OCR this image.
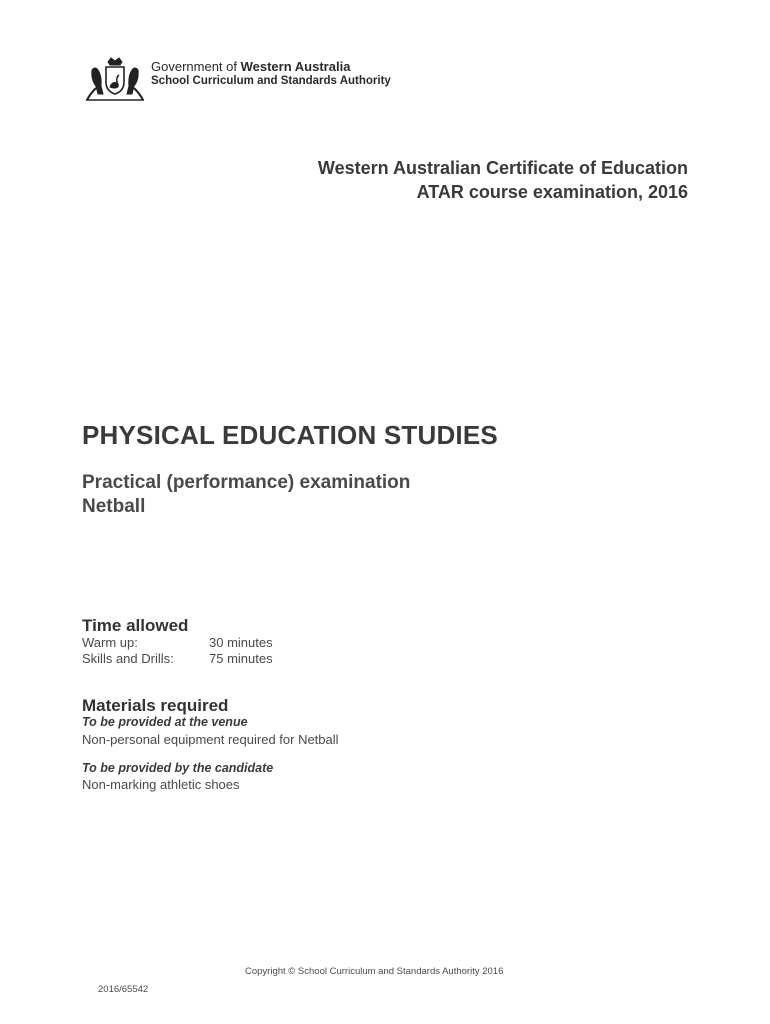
Government of Western Australia
School Curriculum and Standards Authority
Western Australian Certificate of Education
ATAR course examination, 2016
PHYSICAL EDUCATION STUDIES
Practical (performance) examination
Netball
Time allowed
Warm up:	30 minutes
Skills and Drills:	75 minutes
Materials required
To be provided at the venue
Non-personal equipment required for Netball
To be provided by the candidate
Non-marking athletic shoes
Copyright © School Curriculum and Standards Authority 2016
2016/65542
